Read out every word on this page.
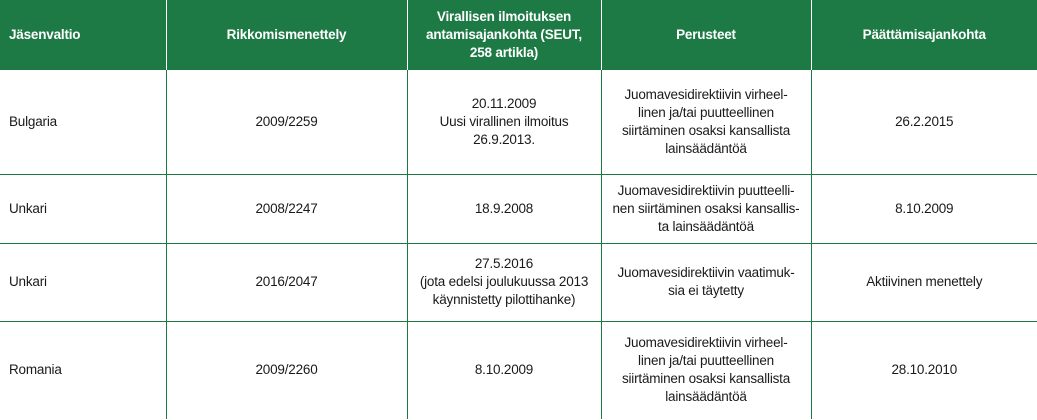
Jäsenvaltio	Rikkomismenettely	Virallisen ilmoituksen
antamisajankohta (SEUT,
258 artikla)	Perusteet	Päättämisajankohta

Bulgaria	2009/2259	20.11.2009
Uusi virallinen ilmoitus
26.9.2013.	Juomavesidirektiivin virheel-
linen ja/tai puutteellinen
siirtäminen osaksi kansallista
lainsäädäntöä	26.2.2015

Unkari	2008/2247	18.9.2008	Juomavesidirektiivin puutteelli-
nen siirtäminen osaksi kansallis-
ta lainsäädäntöä	8.10.2009

Unkari	2016/2047	27.5.2016
(jota edelsi joulukuussa 2013
käynnistetty pilottihanke)	Juomavesidirektiivin vaatimuk-
sia ei täytetty	Aktiivinen menettely

Romania	2009/2260	8.10.2009	Juomavesidirektiivin virheel-
linen ja/tai puutteellinen
siirtäminen osaksi kansallista
lainsäädäntöä	28.10.2010
